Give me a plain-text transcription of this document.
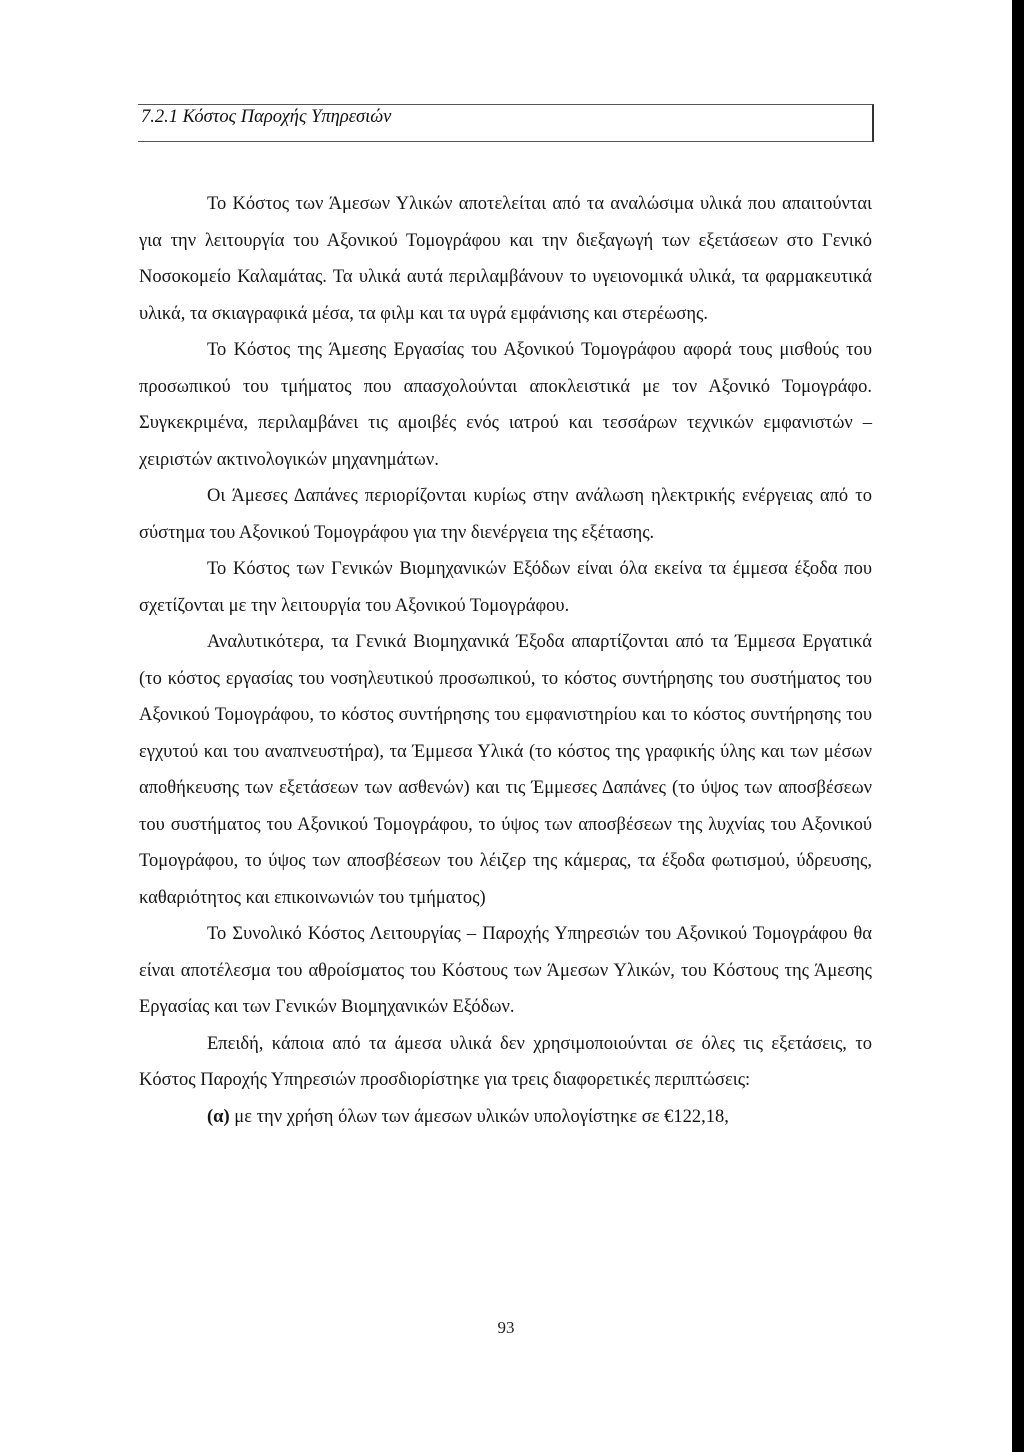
7.2.1 Κόστος Παροχής Υπηρεσιών

Το Κόστος των Άμεσων Υλικών αποτελείται από τα αναλώσιμα υλικά που απαιτούνται για την λειτουργία του Αξονικού Τομογράφου και την διεξαγωγή των εξετάσεων στο Γενικό Νοσοκομείο Καλαμάτας. Τα υλικά αυτά περιλαμβάνουν το υγειονομικά υλικά, τα φαρμακευτικά υλικά, τα σκιαγραφικά μέσα, τα φιλμ και τα υγρά εμφάνισης και στερέωσης.

Το Κόστος της Άμεσης Εργασίας του Αξονικού Τομογράφου αφορά τους μισθούς του προσωπικού του τμήματος που απασχολούνται αποκλειστικά με τον Αξονικό Τομογράφο. Συγκεκριμένα, περιλαμβάνει τις αμοιβές ενός ιατρού και τεσσάρων τεχνικών εμφανιστών – χειριστών ακτινολογικών μηχανημάτων.

Οι Άμεσες Δαπάνες περιορίζονται κυρίως στην ανάλωση ηλεκτρικής ενέργειας από το σύστημα του Αξονικού Τομογράφου για την διενέργεια της εξέτασης.

Το Κόστος των Γενικών Βιομηχανικών Εξόδων είναι όλα εκείνα τα έμμεσα έξοδα που σχετίζονται με την λειτουργία του Αξονικού Τομογράφου.

Αναλυτικότερα, τα Γενικά Βιομηχανικά Έξοδα απαρτίζονται από τα Έμμεσα Εργατικά (το κόστος εργασίας του νοσηλευτικού προσωπικού, το κόστος συντήρησης του συστήματος του Αξονικού Τομογράφου, το κόστος συντήρησης του εμφανιστηρίου και το κόστος συντήρησης του εγχυτού και του αναπνευστήρα), τα Έμμεσα Υλικά (το κόστος της γραφικής ύλης και των μέσων αποθήκευσης των εξετάσεων των ασθενών) και τις Έμμεσες Δαπάνες (το ύψος των αποσβέσεων του συστήματος του Αξονικού Τομογράφου, το ύψος των αποσβέσεων της λυχνίας του Αξονικού Τομογράφου, το ύψος των αποσβέσεων του λέιζερ της κάμερας, τα έξοδα φωτισμού, ύδρευσης, καθαριότητος και επικοινωνιών του τμήματος)

Το Συνολικό Κόστος Λειτουργίας – Παροχής Υπηρεσιών του Αξονικού Τομογράφου θα είναι αποτέλεσμα του αθροίσματος του Κόστους των Άμεσων Υλικών, του Κόστους της Άμεσης Εργασίας και των Γενικών Βιομηχανικών Εξόδων.

Επειδή, κάποια από τα άμεσα υλικά δεν χρησιμοποιούνται σε όλες τις εξετάσεις, το Κόστος Παροχής Υπηρεσιών προσδιορίστηκε για τρεις διαφορετικές περιπτώσεις:

(α) με την χρήση όλων των άμεσων υλικών υπολογίστηκε σε €122,18,

93
